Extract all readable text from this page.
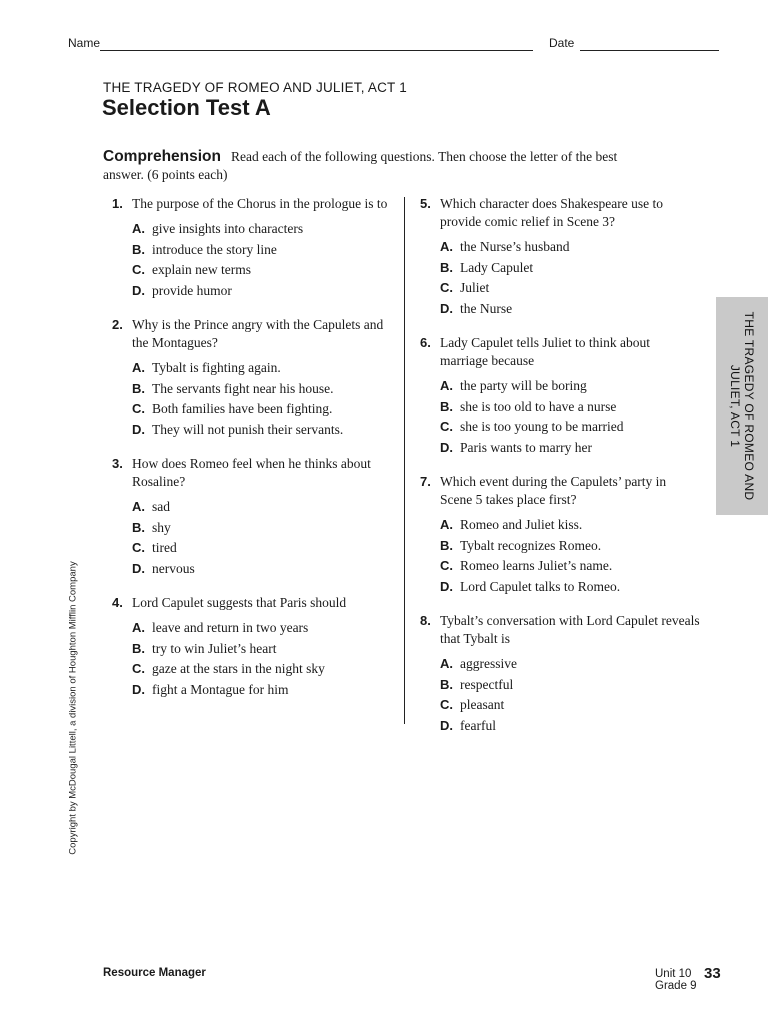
Name	Date
THE TRAGEDY OF ROMEO AND JULIET, ACT 1
Selection Test A
Comprehension Read each of the following questions. Then choose the letter of the best answer. (6 points each)
1. The purpose of the Chorus in the prologue is to
A. give insights into characters
B. introduce the story line
C. explain new terms
D. provide humor
2. Why is the Prince angry with the Capulets and the Montagues?
A. Tybalt is fighting again.
B. The servants fight near his house.
C. Both families have been fighting.
D. They will not punish their servants.
3. How does Romeo feel when he thinks about Rosaline?
A. sad
B. shy
C. tired
D. nervous
4. Lord Capulet suggests that Paris should
A. leave and return in two years
B. try to win Juliet’s heart
C. gaze at the stars in the night sky
D. fight a Montague for him
5. Which character does Shakespeare use to provide comic relief in Scene 3?
A. the Nurse’s husband
B. Lady Capulet
C. Juliet
D. the Nurse
6. Lady Capulet tells Juliet to think about marriage because
A. the party will be boring
B. she is too old to have a nurse
C. she is too young to be married
D. Paris wants to marry her
7. Which event during the Capulets’ party in Scene 5 takes place first?
A. Romeo and Juliet kiss.
B. Tybalt recognizes Romeo.
C. Romeo learns Juliet’s name.
D. Lord Capulet talks to Romeo.
8. Tybalt’s conversation with Lord Capulet reveals that Tybalt is
A. aggressive
B. respectful
C. pleasant
D. fearful
THE TRAGEDY OF ROMEO AND JULIET, ACT 1
Copyright by McDougal Littell, a division of Houghton Mifflin Company
Resource Manager	Unit 10
Grade 9
33
